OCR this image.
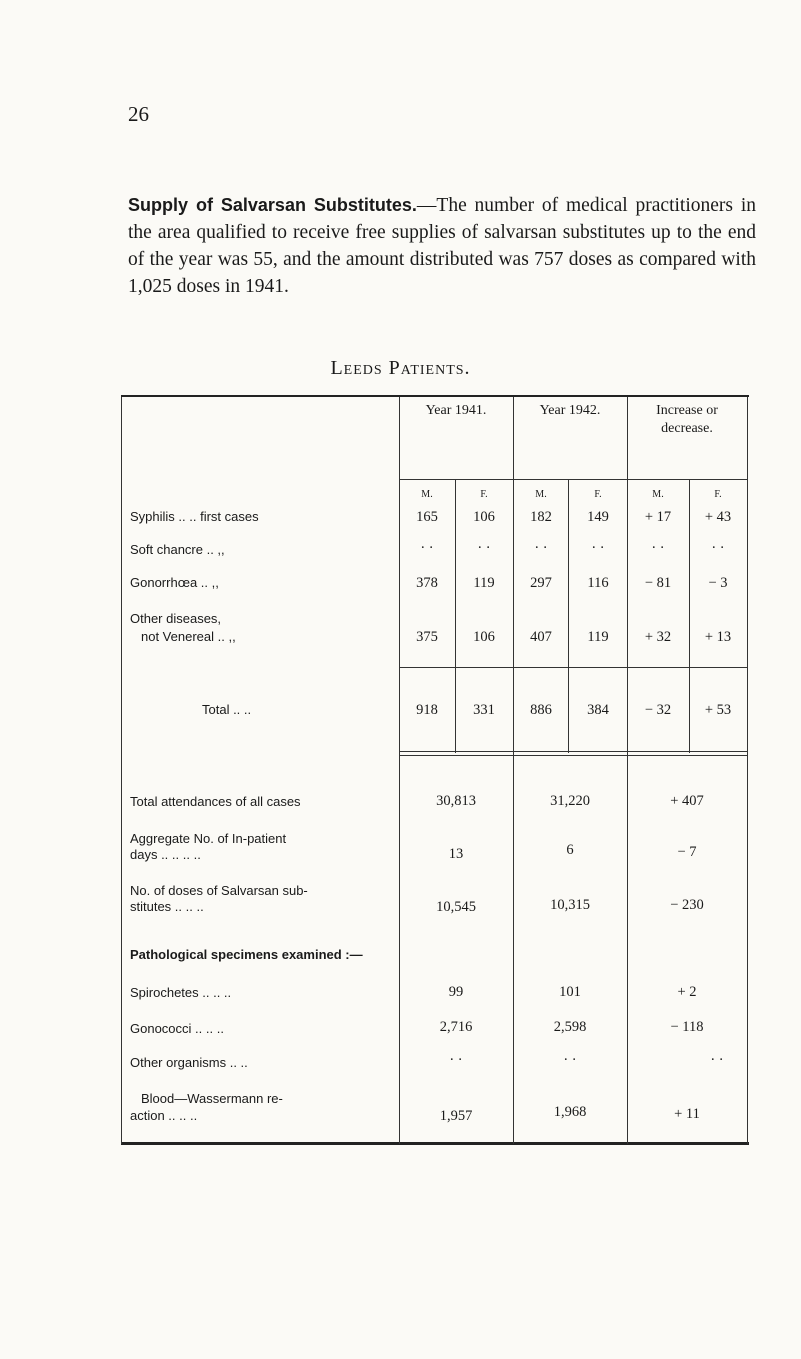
26
Supply of Salvarsan Substitutes.—The number of medical practitioners in the area qualified to receive free supplies of salvarsan substitutes up to the end of the year was 55, and the amount distributed was 757 doses as compared with 1,025 doses in 1941.
Leeds Patients.
Year 1941.	Year 1942.	Increase or
decrease.
M.	F.	M.	F.	M.	F.
Syphilis .. .. first cases	165	106	182	149	+ 17	+ 43
Soft chancre .. ,,	· ·	· ·	· ·	· ·	· ·	· ·
Gonorrhœa .. ,,	378	119	297	116	− 81	− 3
Other diseases,
not Venereal .. ,,	375	106	407	119	+ 32	+ 13
Total .. ..	918	331	886	384	− 32	+ 53
Total attendances of all cases	30,813	31,220	+ 407
Aggregate No. of In-patient
days .. .. .. ..	13	6	− 7
No. of doses of Salvarsan sub-
stitutes .. .. ..	10,545	10,315	− 230
Pathological specimens examined :—
Spirochetes .. .. ..	99	101	+ 2
Gonococci .. .. ..	2,716	2,598	− 118
Other organisms .. ..	· ·	· ·	· ·
Blood—Wassermann re-
action .. .. ..	1,957	1,968	+ 11
